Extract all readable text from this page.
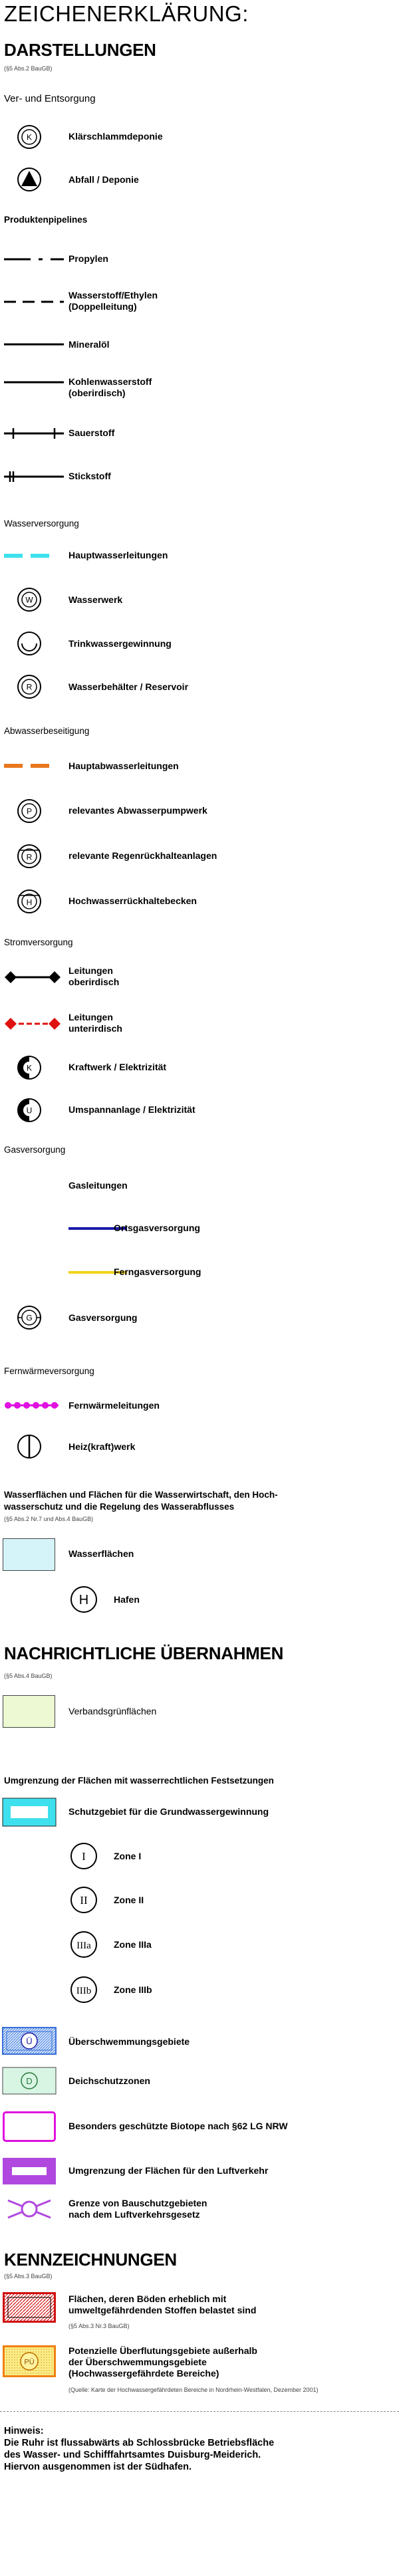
ZEICHENERKLÄRUNG:
DARSTELLUNGEN
(§5 Abs.2 BauGB)
Ver- und Entsorgung
K	Klärschlammdeponie
Abfall / Deponie
Produktenpipelines
Propylen
Wasserstoff/Ethylen
(Doppelleitung)
Mineralöl
Kohlenwasserstoff
(oberirdisch)
Sauerstoff
Stickstoff
Wasserversorgung
Hauptwasserleitungen
W	Wasserwerk
Trinkwassergewinnung
R	Wasserbehälter / Reservoir
Abwasserbeseitigung
Hauptabwasserleitungen
P	relevantes Abwasserpumpwerk
R	relevante Regenrückhalteanlagen
H	Hochwasserrückhaltebecken
Stromversorgung
Leitungen
oberirdisch
Leitungen
unterirdisch
K	Kraftwerk / Elektrizität
U	Umspannanlage / Elektrizität
Gasversorgung
Gasleitungen
Ortsgasversorgung
Ferngasversorgung
G	Gasversorgung
Fernwärmeversorgung
Fernwärmeleitungen
Heiz(kraft)werk
Wasserflächen und Flächen für die Wasserwirtschaft, den Hoch-
wasserschutz und die Regelung des Wasserabflusses
(§5 Abs.2 Nr.7 und Abs.4 BauGB)
Wasserflächen
H	Hafen
NACHRICHTLICHE ÜBERNAHMEN
(§5 Abs.4 BauGB)
Verbandsgrünflächen
Umgrenzung der Flächen mit wasserrechtlichen Festsetzungen
Schutzgebiet für die Grundwassergewinnung
I	Zone I
II	Zone II
IIIa Zone IIIa
IIIb Zone IIIb
Ü	Überschwemmungsgebiete
D	Deichschutzzonen
Besonders geschützte Biotope nach §62 LG NRW
Umgrenzung der Flächen für den Luftverkehr
Grenze von Bauschutzgebieten
nach dem Luftverkehrsgesetz
KENNZEICHNUNGEN
(§5 Abs.3 BauGB)
Flächen, deren Böden erheblich mit
umweltgefährdenden Stoffen belastet sind
(§5 Abs.3 Nr.3 BauGB)
PÜ
Potenzielle Überflutungsgebiete außerhalb
der Überschwemmungsgebiete
(Hochwassergefährdete Bereiche)
(Quelle: Karte der Hochwassergefährdeten Bereiche in Nordrhein-Westfalen, Dezember 2001)
Hinweis:
Die Ruhr ist flussabwärts ab Schlossbrücke Betriebsfläche
des Wasser- und Schifffahrtsamtes Duisburg-Meiderich.
Hiervon ausgenommen ist der Südhafen.
